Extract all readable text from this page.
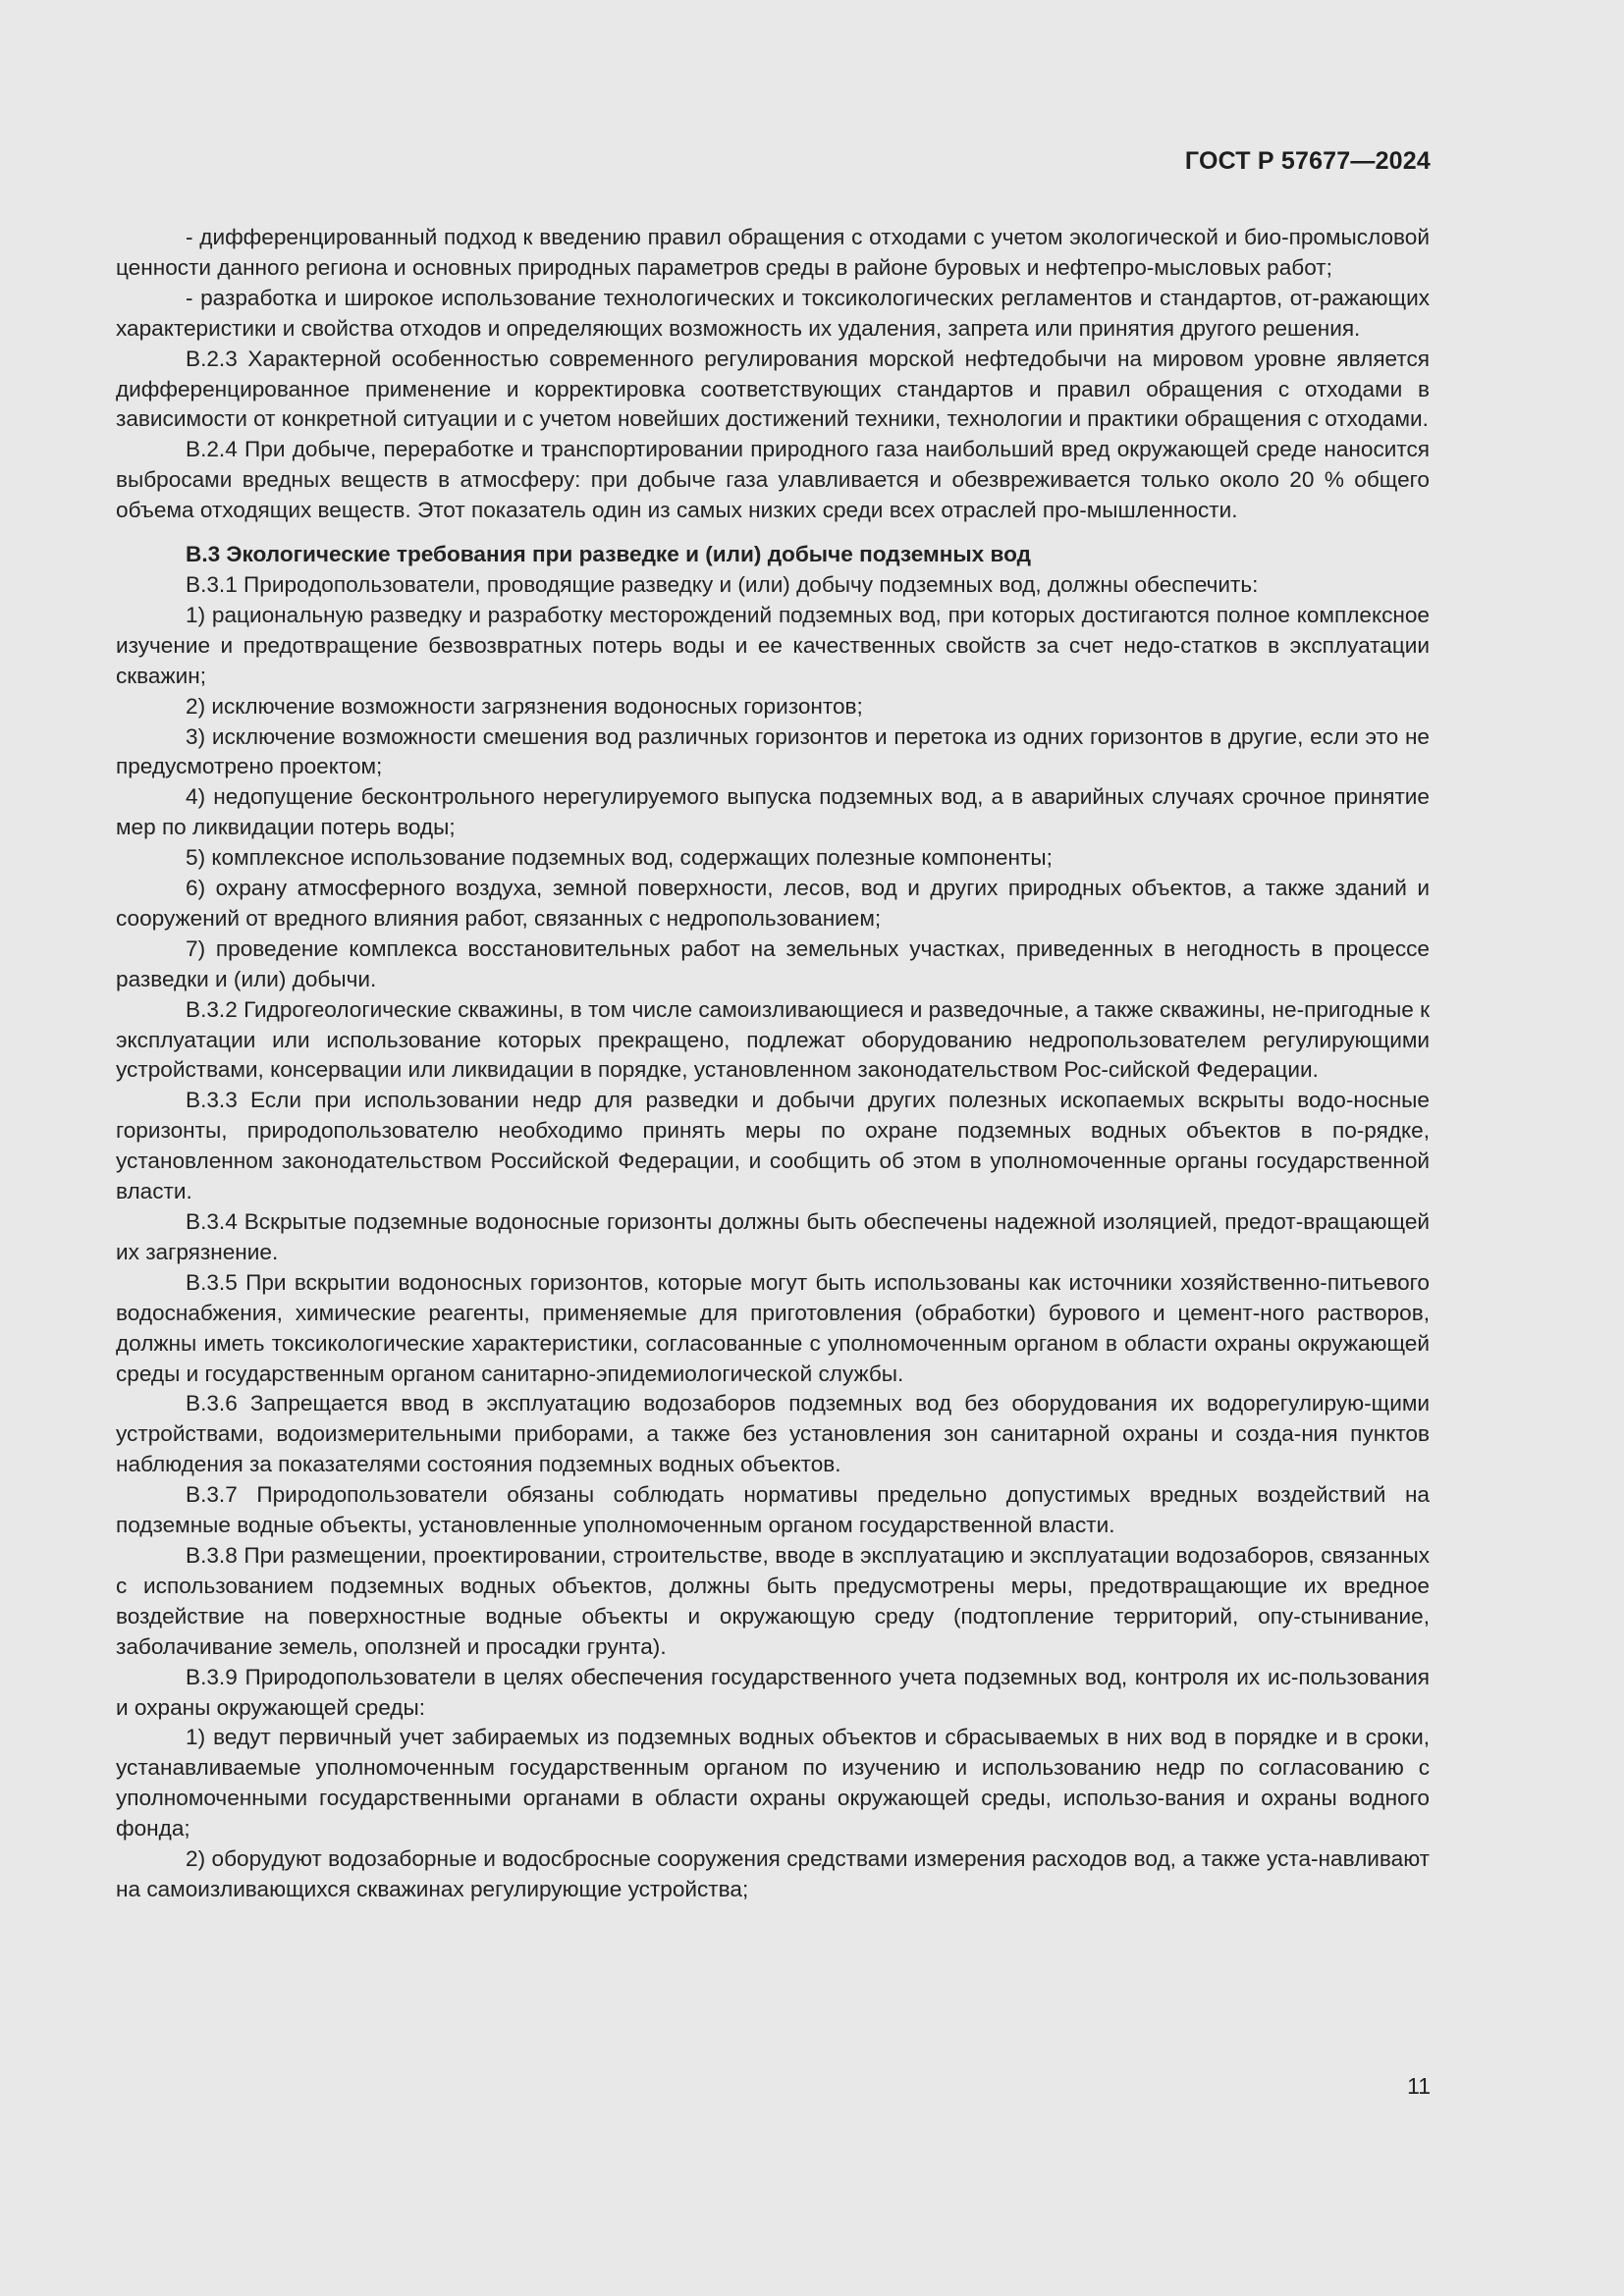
ГОСТ Р 57677—2024

- дифференцированный подход к введению правил обращения с отходами с учетом экологической и био-промысловой ценности данного региона и основных природных параметров среды в районе буровых и нефтепро-мысловых работ;

- разработка и широкое использование технологических и токсикологических регламентов и стандартов, от-ражающих характеристики и свойства отходов и определяющих возможность их удаления, запрета или принятия другого решения.

В.2.3 Характерной особенностью современного регулирования морской нефтедобычи на мировом уровне является дифференцированное применение и корректировка соответствующих стандартов и правил обращения с отходами в зависимости от конкретной ситуации и с учетом новейших достижений техники, технологии и практики обращения с отходами.

В.2.4 При добыче, переработке и транспортировании природного газа наибольший вред окружающей среде наносится выбросами вредных веществ в атмосферу: при добыче газа улавливается и обезвреживается только около 20 % общего объема отходящих веществ. Этот показатель один из самых низких среди всех отраслей про-мышленности.

В.3 Экологические требования при разведке и (или) добыче подземных вод

В.3.1 Природопользователи, проводящие разведку и (или) добычу подземных вод, должны обеспечить:

1) рациональную разведку и разработку месторождений подземных вод, при которых достигаются полное комплексное изучение и предотвращение безвозвратных потерь воды и ее качественных свойств за счет недо-статков в эксплуатации скважин;

2) исключение возможности загрязнения водоносных горизонтов;

3) исключение возможности смешения вод различных горизонтов и перетока из одних горизонтов в другие, если это не предусмотрено проектом;

4) недопущение бесконтрольного нерегулируемого выпуска подземных вод, а в аварийных случаях срочное принятие мер по ликвидации потерь воды;

5) комплексное использование подземных вод, содержащих полезные компоненты;

6) охрану атмосферного воздуха, земной поверхности, лесов, вод и других природных объектов, а также зданий и сооружений от вредного влияния работ, связанных с недропользованием;

7) проведение комплекса восстановительных работ на земельных участках, приведенных в негодность в процессе разведки и (или) добычи.

В.3.2 Гидрогеологические скважины, в том числе самоизливающиеся и разведочные, а также скважины, не-пригодные к эксплуатации или использование которых прекращено, подлежат оборудованию недропользователем регулирующими устройствами, консервации или ликвидации в порядке, установленном законодательством Рос-сийской Федерации.

В.3.3 Если при использовании недр для разведки и добычи других полезных ископаемых вскрыты водо-носные горизонты, природопользователю необходимо принять меры по охране подземных водных объектов в по-рядке, установленном законодательством Российской Федерации, и сообщить об этом в уполномоченные органы государственной власти.

В.3.4 Вскрытые подземные водоносные горизонты должны быть обеспечены надежной изоляцией, предот-вращающей их загрязнение.

В.3.5 При вскрытии водоносных горизонтов, которые могут быть использованы как источники хозяйственно-питьевого водоснабжения, химические реагенты, применяемые для приготовления (обработки) бурового и цемент-ного растворов, должны иметь токсикологические характеристики, согласованные с уполномоченным органом в области охраны окружающей среды и государственным органом санитарно-эпидемиологической службы.

В.3.6 Запрещается ввод в эксплуатацию водозаборов подземных вод без оборудования их водорегулирую-щими устройствами, водоизмерительными приборами, а также без установления зон санитарной охраны и созда-ния пунктов наблюдения за показателями состояния подземных водных объектов.

В.3.7 Природопользователи обязаны соблюдать нормативы предельно допустимых вредных воздействий на подземные водные объекты, установленные уполномоченным органом государственной власти.

В.3.8 При размещении, проектировании, строительстве, вводе в эксплуатацию и эксплуатации водозаборов, связанных с использованием подземных водных объектов, должны быть предусмотрены меры, предотвращающие их вредное воздействие на поверхностные водные объекты и окружающую среду (подтопление территорий, опу-стынивание, заболачивание земель, оползней и просадки грунта).

В.3.9 Природопользователи в целях обеспечения государственного учета подземных вод, контроля их ис-пользования и охраны окружающей среды:

1) ведут первичный учет забираемых из подземных водных объектов и сбрасываемых в них вод в порядке и в сроки, устанавливаемые уполномоченным государственным органом по изучению и использованию недр по согласованию с уполномоченными государственными органами в области охраны окружающей среды, использо-вания и охраны водного фонда;

2) оборудуют водозаборные и водосбросные сооружения средствами измерения расходов вод, а также уста-навливают на самоизливающихся скважинах регулирующие устройства;

11
